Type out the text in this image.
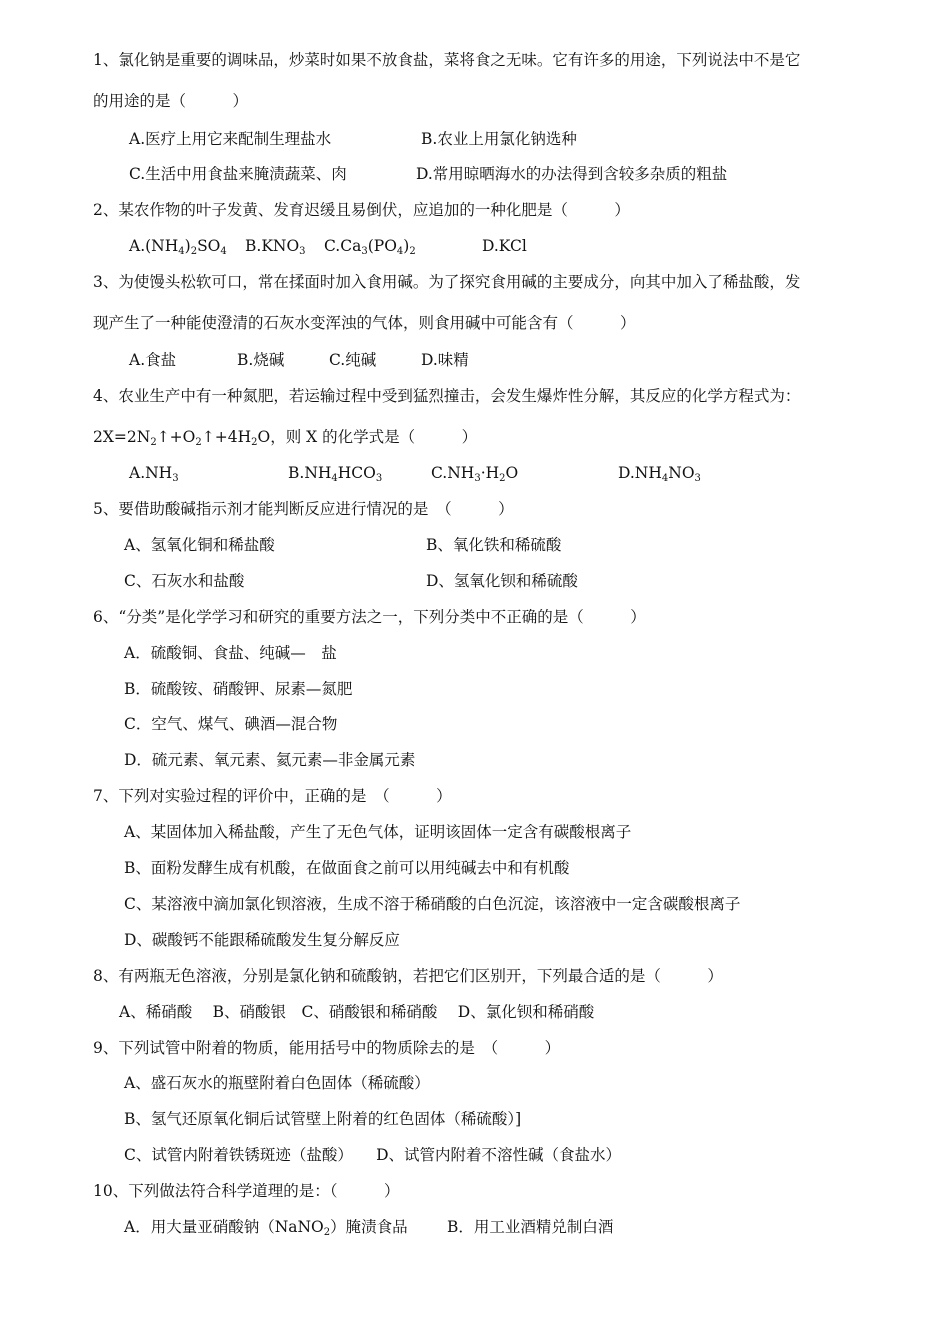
1、氯化钠是重要的调味品，炒菜时如果不放食盐，菜将食之无味。它有许多的用途，下列说法中不是它
的用途的是（　　　）
A.医疗上用它来配制生理盐水	B.农业上用氯化钠选种
C.生活中用食盐来腌渍蔬菜、肉	D.常用晾晒海水的办法得到含较多杂质的粗盐
2、某农作物的叶子发黄、发育迟缓且易倒伏，应追加的一种化肥是（　　　）
$A.(NH_4)_2SO_4$ $B.KNO_3$ $C.Ca_3(PO_4)_2$	D.KCl
3、为使馒头松软可口，常在揉面时加入食用碱。为了探究食用碱的主要成分，向其中加入了稀盐酸，发
现产生了一种能使澄清的石灰水变浑浊的气体，则食用碱中可能含有（　　　）
A.食盐	B.烧碱	C.纯碱	D.味精
4、农业生产中有一种氮肥，若运输过程中受到猛烈撞击，会发生爆炸性分解，其反应的化学方程式为：
$2X=2N_2↑+O_2↑+4H_2O$，则 X 的化学式是（　　　）
$A.NH_3$	$B.NH_4HCO_3$	$C.NH_3\cdot H_2O$	$D.NH_4NO_3$
5、要借助酸碱指示剂才能判断反应进行情况的是　（　　　）
A、氢氧化铜和稀盐酸	B、氧化铁和稀硫酸
C、石灰水和盐酸	D、氢氧化钡和稀硫酸
6、“分类”是化学学习和研究的重要方法之一，下列分类中不正确的是（　　　）
A．硫酸铜、食盐、纯碱—　盐
B．硫酸铵、硝酸钾、尿素—氮肥
C．空气、煤气、碘酒—混合物
D．硫元素、氧元素、氦元素—非金属元素
7、下列对实验过程的评价中，正确的是　（　　　）
A、某固体加入稀盐酸，产生了无色气体，证明该固体一定含有碳酸根离子
B、面粉发酵生成有机酸，在做面食之前可以用纯碱去中和有机酸
C、某溶液中滴加氯化钡溶液，生成不溶于稀硝酸的白色沉淀，该溶液中一定含碳酸根离子
D、碳酸钙不能跟稀硫酸发生复分解反应
8、有两瓶无色溶液，分别是氯化钠和硫酸钠，若把它们区别开，下列最合适的是（　　　）
A、稀硝酸　 B、硝酸银　C、硝酸银和稀硝酸　 D、氯化钡和稀硝酸
9、下列试管中附着的物质，能用括号中的物质除去的是　（　　　）
A、盛石灰水的瓶壁附着白色固体（稀硫酸）
B、氢气还原氧化铜后试管壁上附着的红色固体（稀硫酸）]
C、试管内附着铁锈斑迹（盐酸）　　D、试管内附着不溶性碱（食盐水）
10、下列做法符合科学道理的是：（　　　）
A．用大量亚硝酸钠（NaNO$_2$）腌渍食品	B．用工业酒精兑制白酒
